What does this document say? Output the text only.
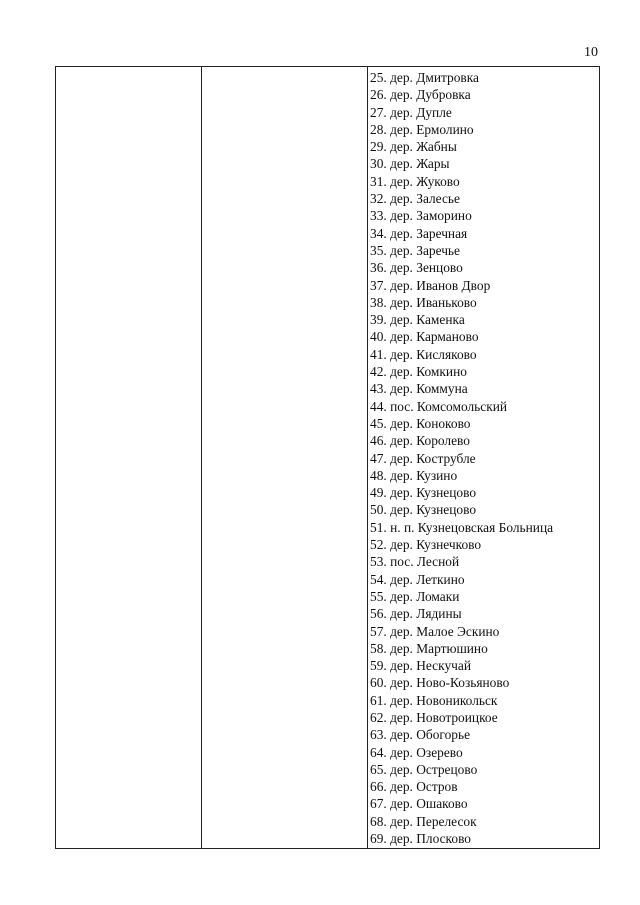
10
25. дер. Дмитровка
26. дер. Дубровка
27. дер. Дупле
28. дер. Ермолино
29. дер. Жабны
30. дер. Жары
31. дер. Жуково
32. дер. Залесье
33. дер. Заморино
34. дер. Заречная
35. дер. Заречье
36. дер. Зенцово
37. дер. Иванов Двор
38. дер. Иваньково
39. дер. Каменка
40. дер. Карманово
41. дер. Кисляково
42. дер. Комкино
43. дер. Коммуна
44. пос. Комсомольский
45. дер. Коноково
46. дер. Королево
47. дер. Кострубле
48. дер. Кузино
49. дер. Кузнецово
50. дер. Кузнецово
51. н. п. Кузнецовская Больница
52. дер. Кузнечково
53. пос. Лесной
54. дер. Леткино
55. дер. Ломаки
56. дер. Лядины
57. дер. Малое Эскино
58. дер. Мартюшино
59. дер. Нескучай
60. дер. Ново-Козьяново
61. дер. Новоникольск
62. дер. Новотроицкое
63. дер. Обогорье
64. дер. Озерево
65. дер. Острецово
66. дер. Остров
67. дер. Ошаково
68. дер. Перелесок
69. дер. Плосково
